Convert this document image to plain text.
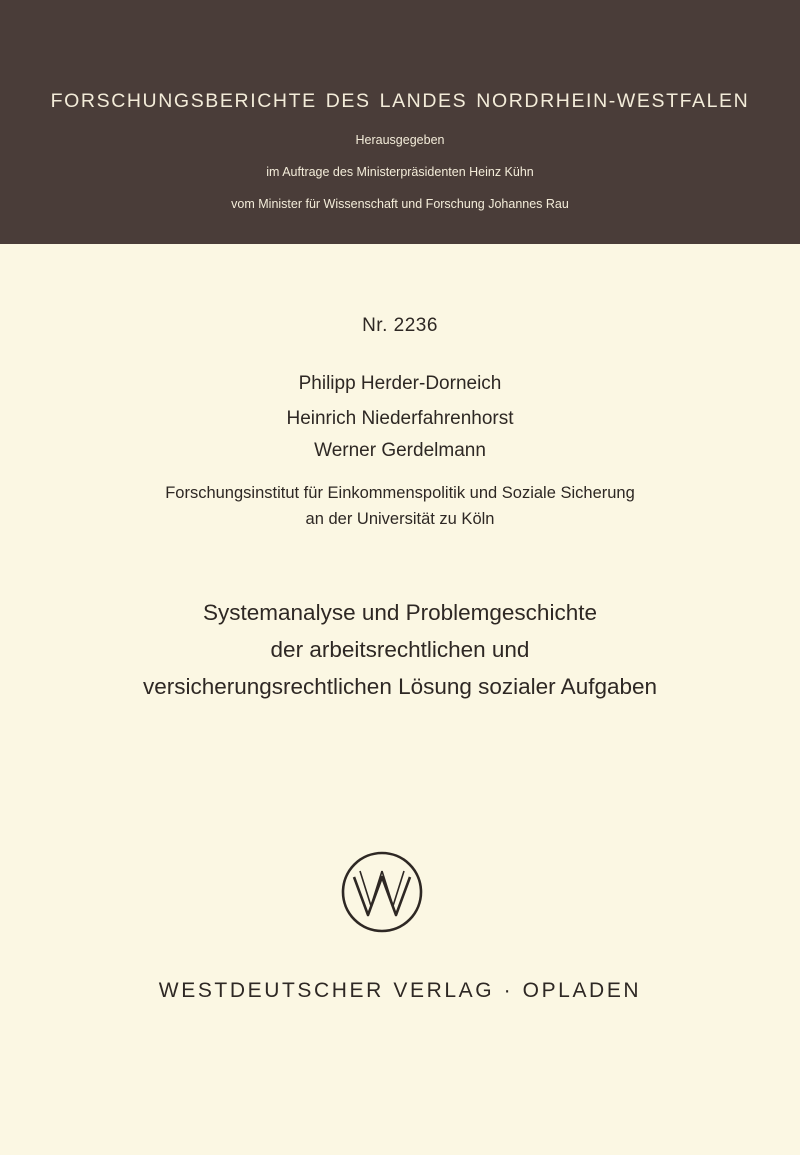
FORSCHUNGSBERICHTE DES LANDES NORDRHEIN-WESTFALEN
Herausgegeben
im Auftrage des Ministerpräsidenten Heinz Kühn
vom Minister für Wissenschaft und Forschung Johannes Rau
Nr. 2236
Philipp Herder-Dorneich
Heinrich Niederfahrenhorst
Werner Gerdelmann
Forschungsinstitut für Einkommenspolitik und Soziale Sicherung
an der Universität zu Köln
Systemanalyse und Problemgeschichte
der arbeitsrechtlichen und
versicherungsrechtlichen Lösung sozialer Aufgaben
WESTDEUTSCHER VERLAG · OPLADEN
